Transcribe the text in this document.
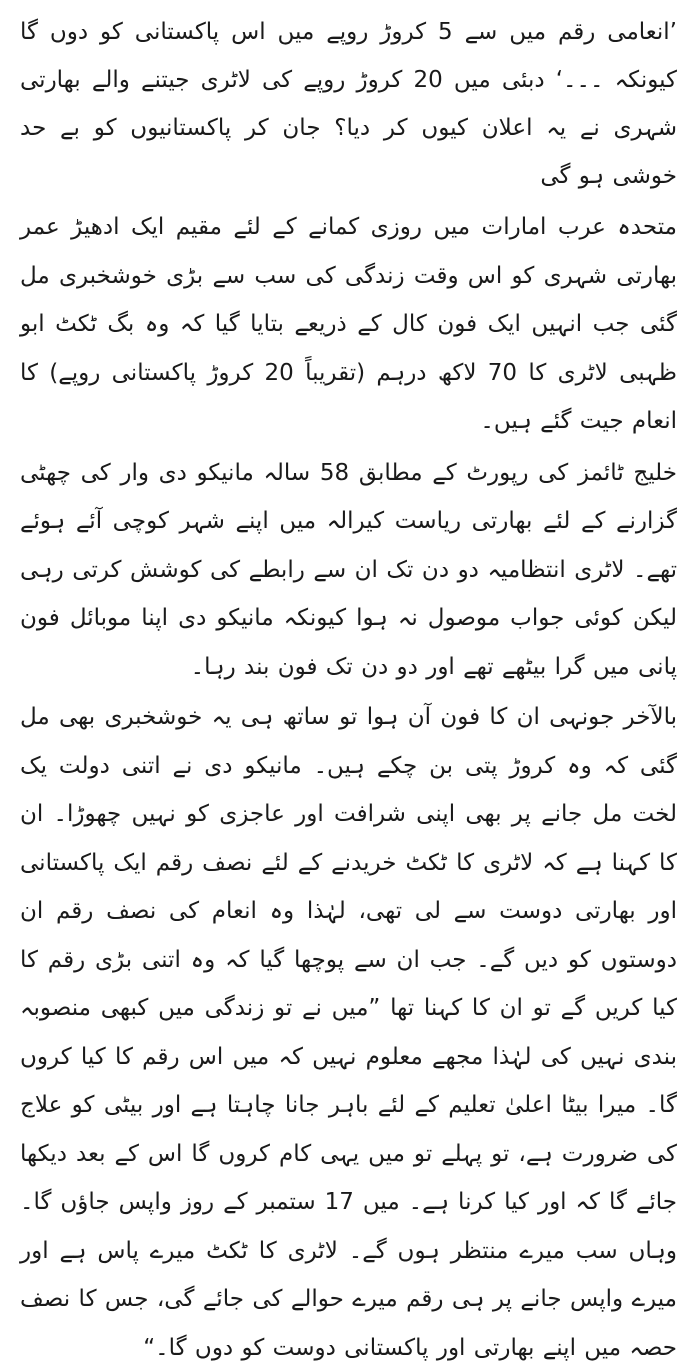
’انعامی رقم میں سے 5 کروڑ روپے میں اس پاکستانی کو دوں گا کیونکہ ۔۔۔‘ دبئی میں 20 کروڑ روپے کی لاٹری جیتنے والے بھارتی شہری نے یہ اعلان کیوں کر دیا؟ جان کر پاکستانیوں کو بے حد خوشی ہو گی

متحدہ عرب امارات میں روزی کمانے کے لئے مقیم ایک ادھیڑ عمر بھارتی شہری کو اس وقت زندگی کی سب سے بڑی خوشخبری مل گئی جب انہیں ایک فون کال کے ذریعے بتایا گیا کہ وہ بگ ٹکٹ ابو ظہبی لاٹری کا 70 لاکھ درہم (تقریباً 20 کروڑ پاکستانی روپے) کا انعام جیت گئے ہیں۔

خلیج ٹائمز کی رپورٹ کے مطابق 58 سالہ مانیکو دی وار کی چھٹی گزارنے کے لئے بھارتی ریاست کیرالہ میں اپنے شہر کوچی آئے ہوئے تھے۔ لاٹری انتظامیہ دو دن تک ان سے رابطے کی کوشش کرتی رہی لیکن کوئی جواب موصول نہ ہوا کیونکہ مانیکو دی اپنا موبائل فون پانی میں گرا بیٹھے تھے اور دو دن تک فون بند رہا۔

بالآخر جونہی ان کا فون آن ہوا تو ساتھ ہی یہ خوشخبری بھی مل گئی کہ وہ کروڑ پتی بن چکے ہیں۔ مانیکو دی نے اتنی دولت یک لخت مل جانے پر بھی اپنی شرافت اور عاجزی کو نہیں چھوڑا۔ ان کا کہنا ہے کہ لاٹری کا ٹکٹ خریدنے کے لئے نصف رقم ایک پاکستانی اور بھارتی دوست سے لی تھی، لہٰذا وہ انعام کی نصف رقم ان دوستوں کو دیں گے۔ جب ان سے پوچھا گیا کہ وہ اتنی بڑی رقم کا کیا کریں گے تو ان کا کہنا تھا ”میں نے تو زندگی میں کبھی منصوبہ بندی نہیں کی لہٰذا مجھے معلوم نہیں کہ میں اس رقم کا کیا کروں گا۔ میرا بیٹا اعلیٰ تعلیم کے لئے باہر جانا چاہتا ہے اور بیٹی کو علاج کی ضرورت ہے، تو پہلے تو میں یہی کام کروں گا اس کے بعد دیکھا جائے گا کہ اور کیا کرنا ہے۔ میں 17 ستمبر کے روز واپس جاؤں گا۔ وہاں سب میرے منتظر ہوں گے۔ لاٹری کا ٹکٹ میرے پاس ہے اور میرے واپس جانے پر ہی رقم میرے حوالے کی جائے گی، جس کا نصف حصہ میں اپنے بھارتی اور پاکستانی دوست کو دوں گا۔“
